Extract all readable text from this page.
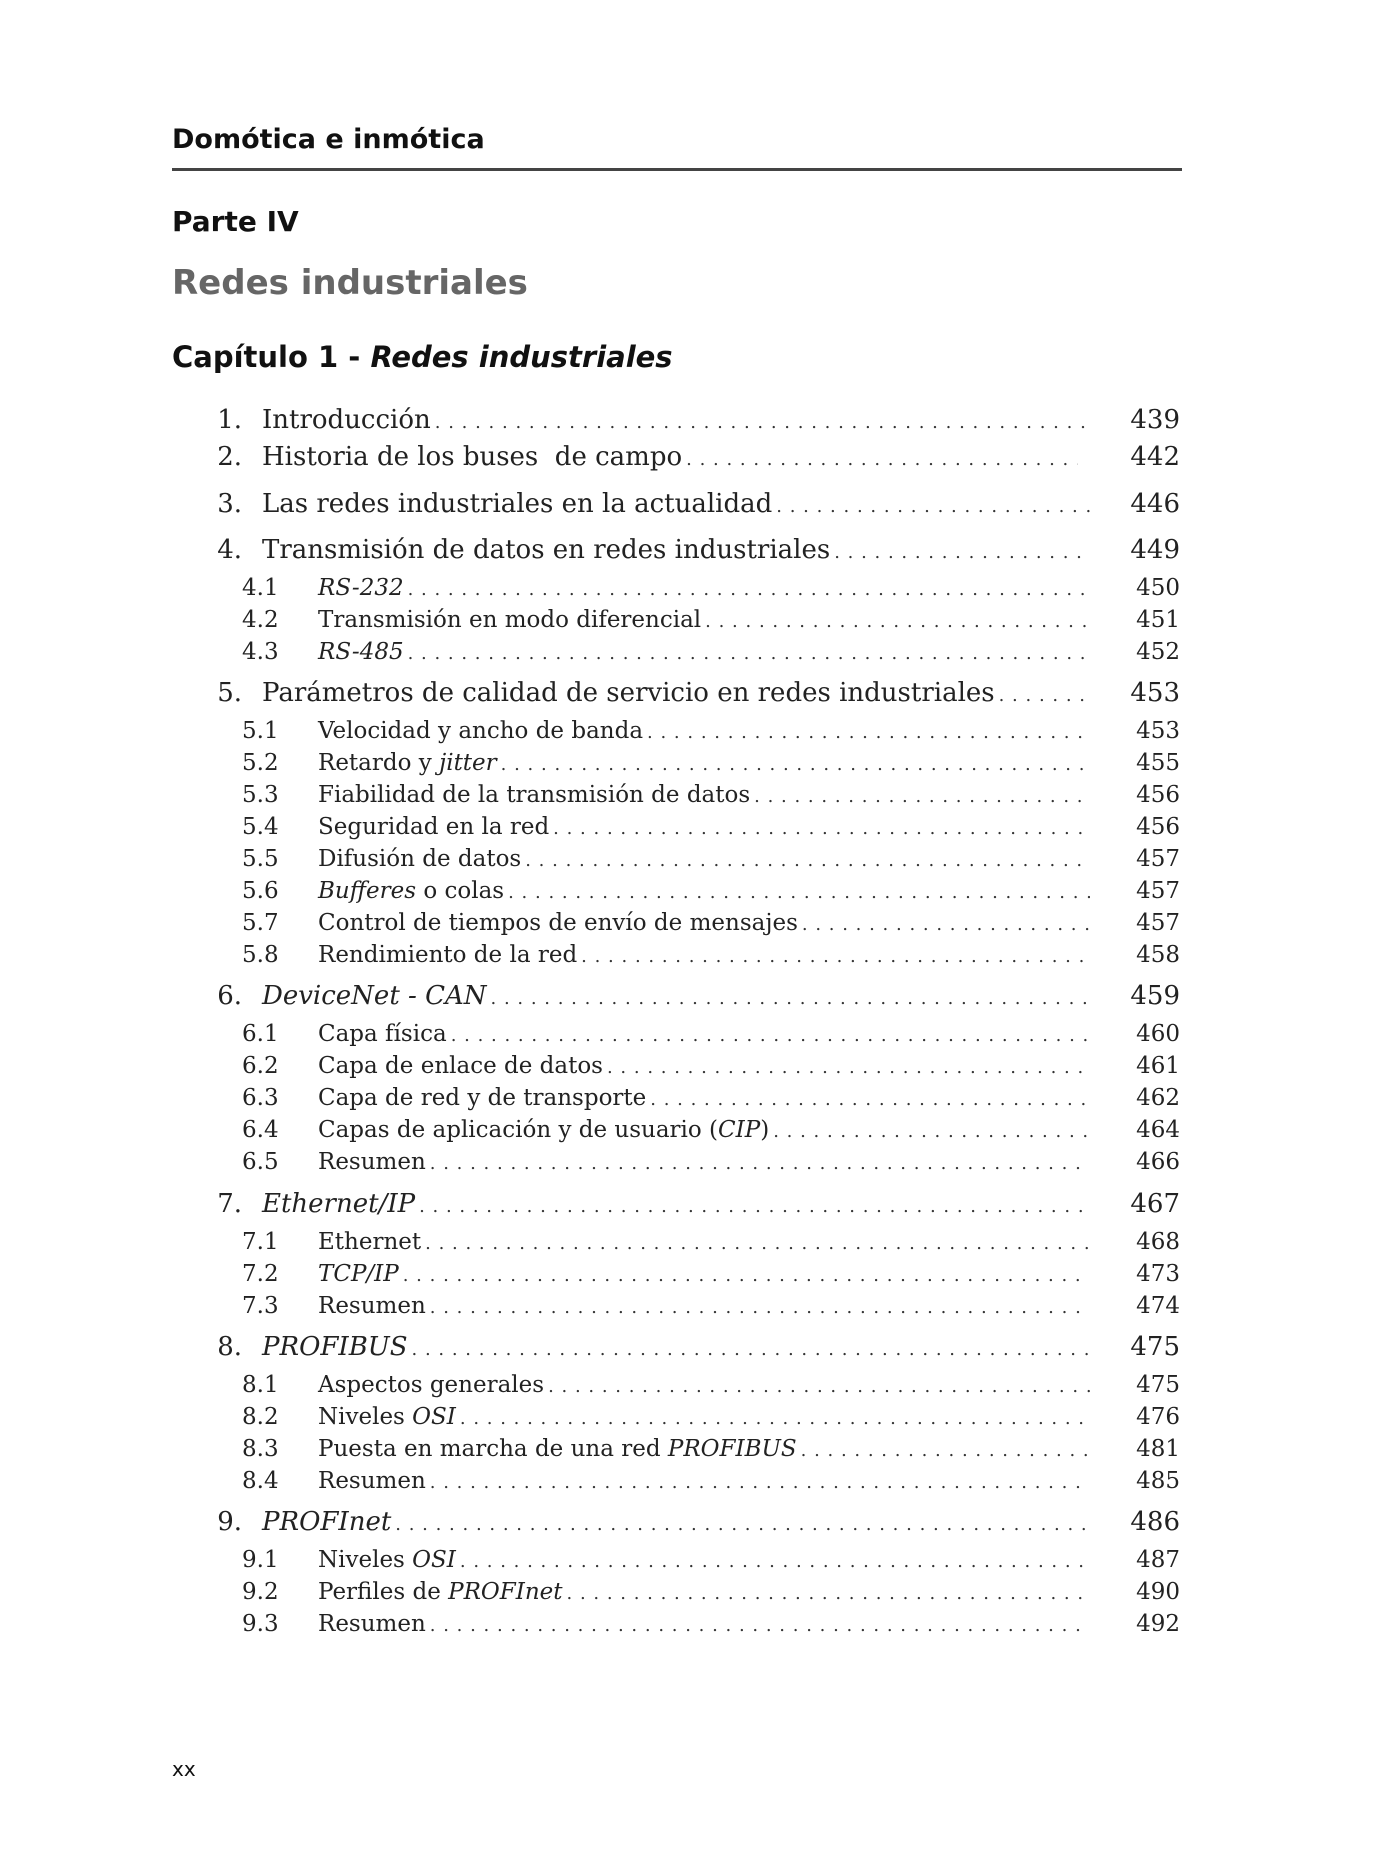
Domótica e inmótica
Parte IV
Redes industriales
Capítulo 1 - Redes industriales
1. Introducción . . .	439
2. Historia de los buses  de campo . . .	442
3. Las redes industriales en la actualidad . . .	446
4. Transmisión de datos en redes industriales . . .	449
4.1	RS-232 . . .	450
4.2	Transmisión en modo diferencial . . .	451
4.3	RS-485 . . .	452
5. Parámetros de calidad de servicio en redes industriales . . .	453
5.1	Velocidad y ancho de banda . . .	453
5.2	Retardo y jitter . . .	455
5.3	Fiabilidad de la transmisión de datos . . .	456
5.4	Seguridad en la red . . .	456
5.5	Difusión de datos . . .	457
5.6	Bufferes o colas . . .	457
5.7	Control de tiempos de envío de mensajes . . .	457
5.8	Rendimiento de la red . . .	458
6. DeviceNet - CAN . . .	459
6.1	Capa física . . .	460
6.2	Capa de enlace de datos . . .	461
6.3	Capa de red y de transporte . . .	462
6.4	Capas de aplicación y de usuario (CIP) . . .	464
6.5	Resumen . . .	466
7. Ethernet/IP . . .	467
7.1	Ethernet . . .	468
7.2	TCP/IP . . .	473
7.3	Resumen . . .	474
8. PROFIBUS . . .	475
8.1	Aspectos generales . . .	475
8.2	Niveles OSI . . .	476
8.3	Puesta en marcha de una red PROFIBUS . . .	481
8.4	Resumen . . .	485
9. PROFInet . . .	486
9.1	Niveles OSI . . .	487
9.2	Perfiles de PROFInet . . .	490
9.3	Resumen . . .	492
xx
